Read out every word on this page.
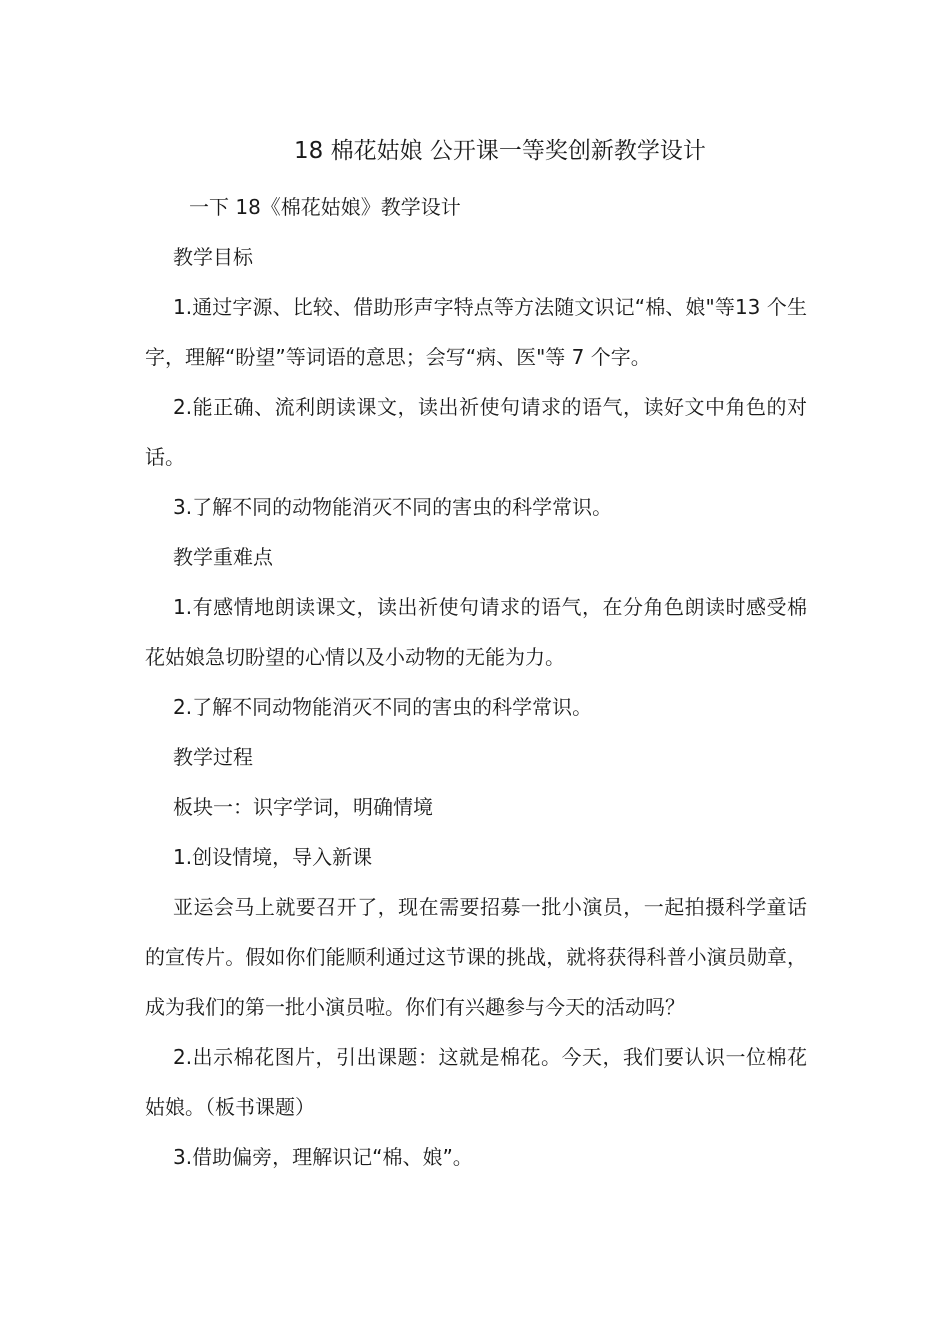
18 棉花姑娘 公开课一等奖创新教学设计

一下 18《棉花姑娘》教学设计

教学目标

1.通过字源、比较、借助形声字特点等方法随文识记“棉、娘"等13 个生字，理解“盼望”等词语的意思；会写“病、医"等 7 个字。

2.能正确、流利朗读课文，读出祈使句请求的语气，读好文中角色的对话。

3.了解不同的动物能消灭不同的害虫的科学常识。

教学重难点

1.有感情地朗读课文，读出祈使句请求的语气，在分角色朗读时感受棉花姑娘急切盼望的心情以及小动物的无能为力。

2.了解不同动物能消灭不同的害虫的科学常识。

教学过程

板块一：识字学词，明确情境

1.创设情境，导入新课

亚运会马上就要召开了，现在需要招募一批小演员，一起拍摄科学童话的宣传片。假如你们能顺利通过这节课的挑战，就将获得科普小演员勋章，成为我们的第一批小演员啦。你们有兴趣参与今天的活动吗？

2.出示棉花图片，引出课题：这就是棉花。今天，我们要认识一位棉花姑娘。（板书课题）

3.借助偏旁，理解识记“棉、娘”。
